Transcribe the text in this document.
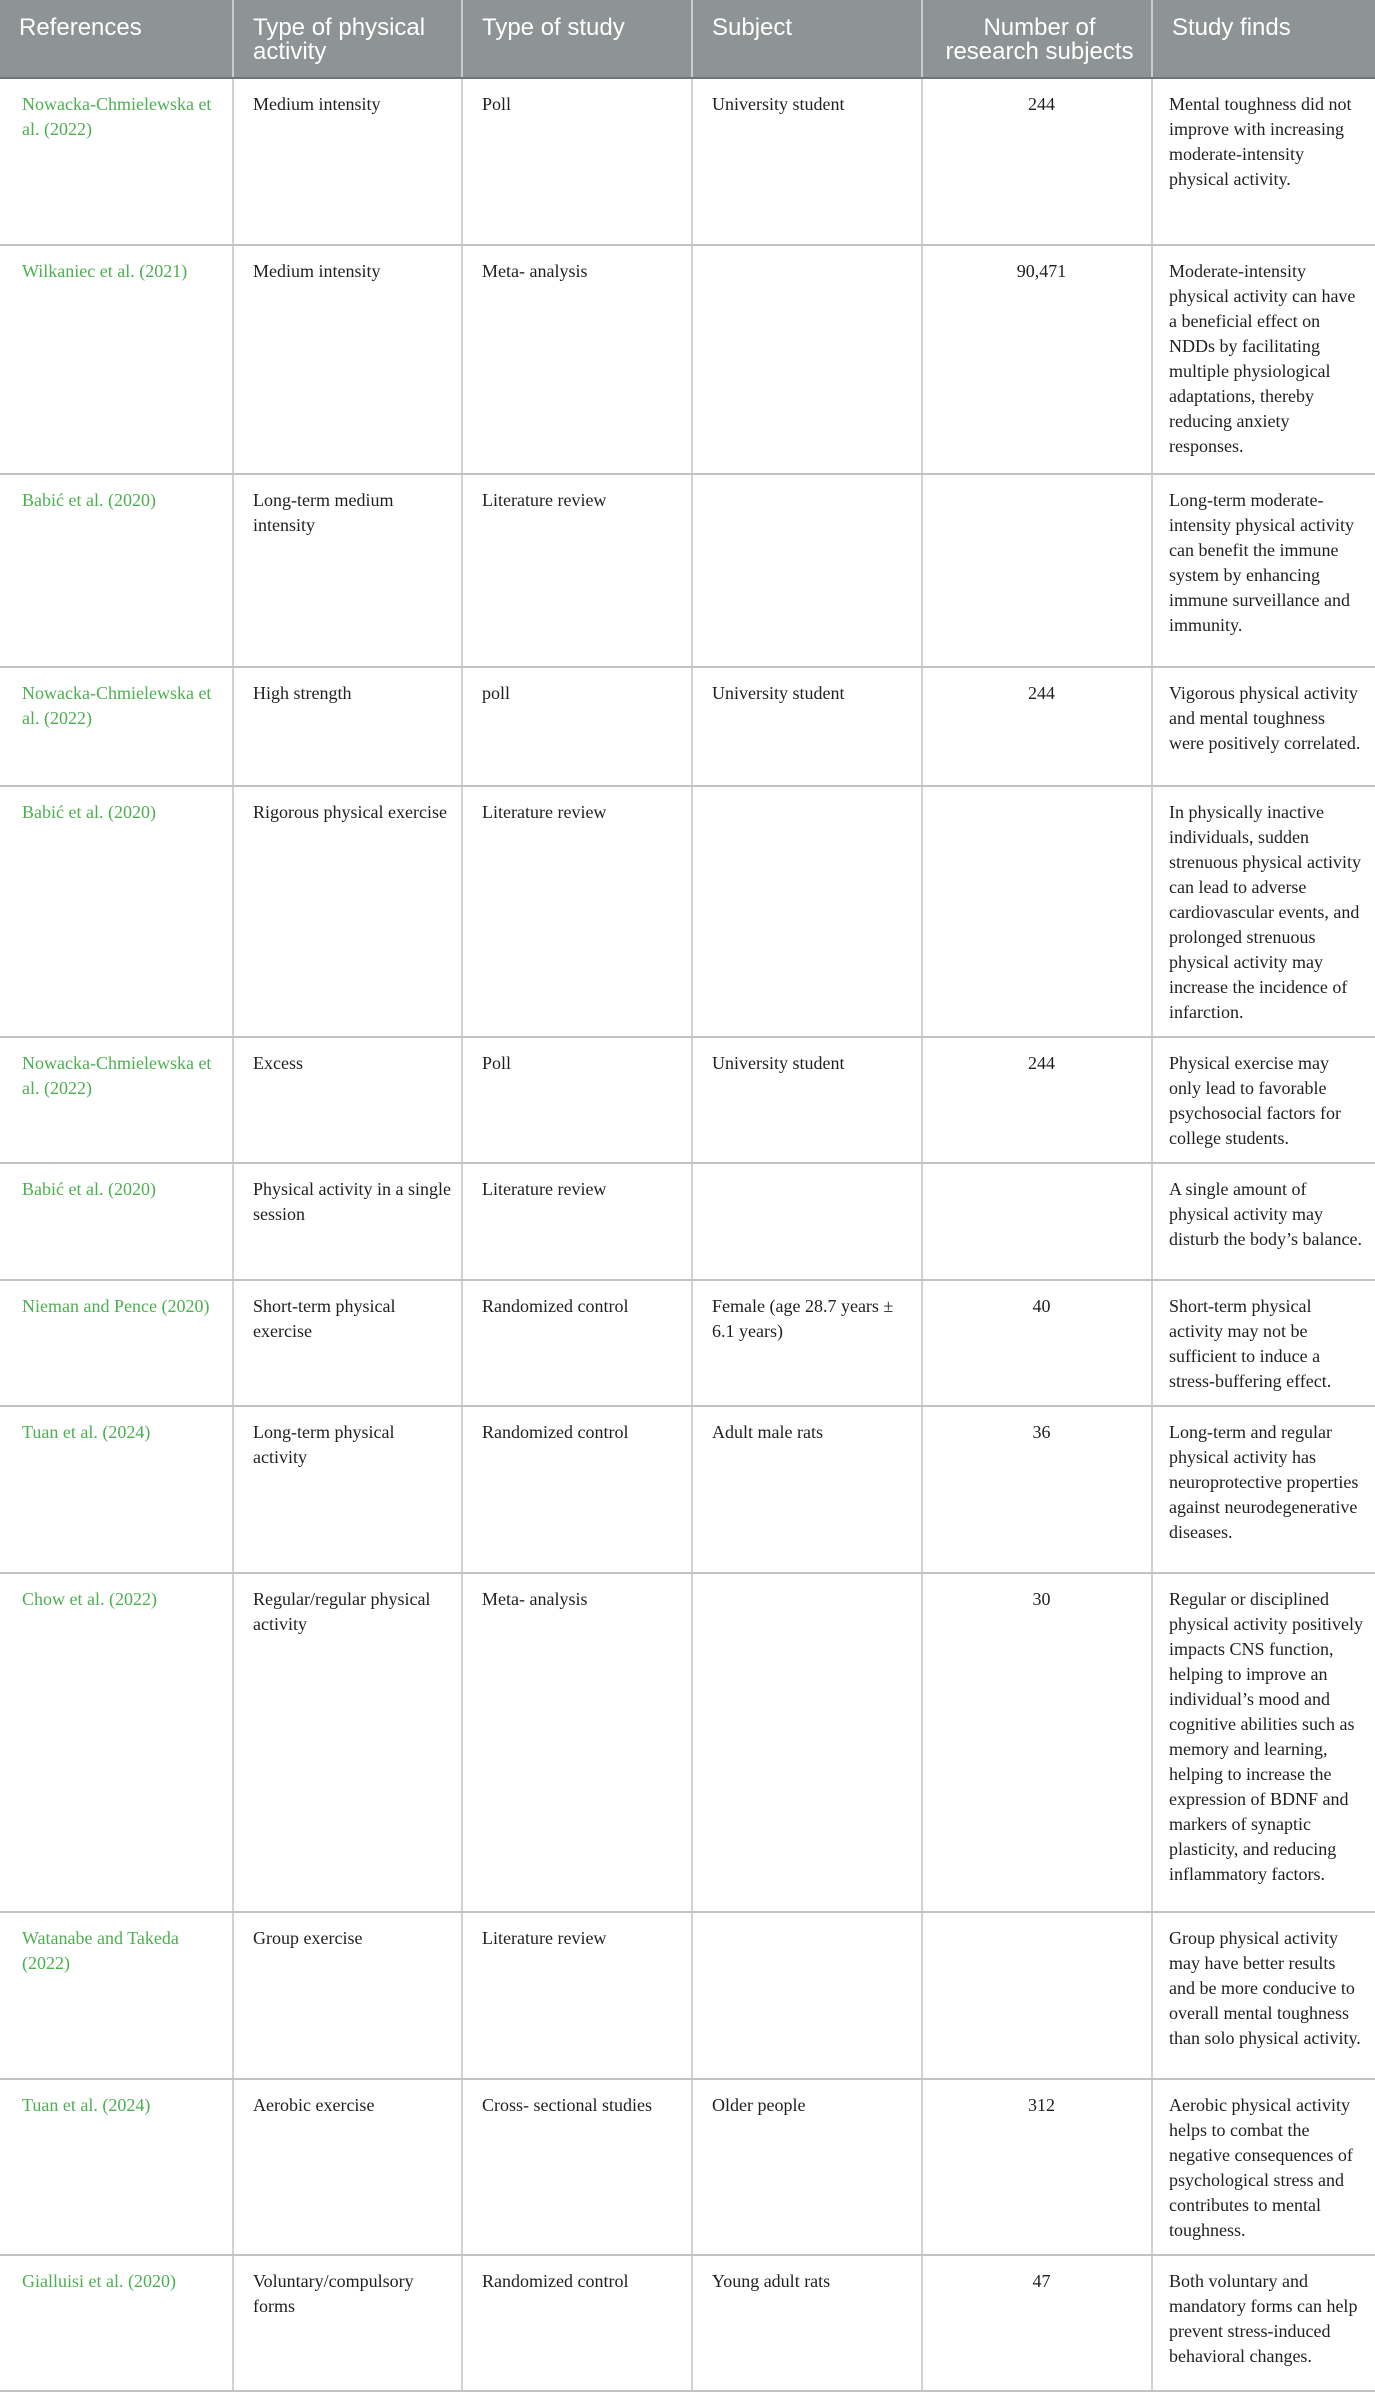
References	Type of physical activity	Type of study	Subject	Number of research subjects	Study finds
Nowacka-Chmielewska et al. (2022)	Medium intensity	Poll	University student	244	Mental toughness did not improve with increasing moderate-intensity physical activity.
Wilkaniec et al. (2021)	Medium intensity	Meta- analysis		90,471	Moderate-intensity physical activity can have a beneficial effect on NDDs by facilitating multiple physiological adaptations, thereby reducing anxiety responses.
Babić et al. (2020)	Long-term medium intensity	Literature review			Long-term moderate-intensity physical activity can benefit the immune system by enhancing immune surveillance and immunity.
Nowacka-Chmielewska et al. (2022)	High strength	poll	University student	244	Vigorous physical activity and mental toughness were positively correlated.
Babić et al. (2020)	Rigorous physical exercise	Literature review			In physically inactive individuals, sudden strenuous physical activity can lead to adverse cardiovascular events, and prolonged strenuous physical activity may increase the incidence of infarction.
Nowacka-Chmielewska et al. (2022)	Excess	Poll	University student	244	Physical exercise may only lead to favorable psychosocial factors for college students.
Babić et al. (2020)	Physical activity in a single session	Literature review			A single amount of physical activity may disturb the body’s balance.
Nieman and Pence (2020)	Short-term physical exercise	Randomized control	Female (age 28.7 years ± 6.1 years)	40	Short-term physical activity may not be sufficient to induce a stress-buffering effect.
Tuan et al. (2024)	Long-term physical activity	Randomized control	Adult male rats	36	Long-term and regular physical activity has neuroprotective properties against neurodegenerative diseases.
Chow et al. (2022)	Regular/regular physical activity	Meta- analysis		30	Regular or disciplined physical activity positively impacts CNS function, helping to improve an individual’s mood and cognitive abilities such as memory and learning, helping to increase the expression of BDNF and markers of synaptic plasticity, and reducing inflammatory factors.
Watanabe and Takeda (2022)	Group exercise	Literature review			Group physical activity may have better results and be more conducive to overall mental toughness than solo physical activity.
Tuan et al. (2024)	Aerobic exercise	Cross- sectional studies	Older people	312	Aerobic physical activity helps to combat the negative consequences of psychological stress and contributes to mental toughness.
Gialluisi et al. (2020)	Voluntary/compulsory forms	Randomized control	Young adult rats	47	Both voluntary and mandatory forms can help prevent stress-induced behavioral changes.
